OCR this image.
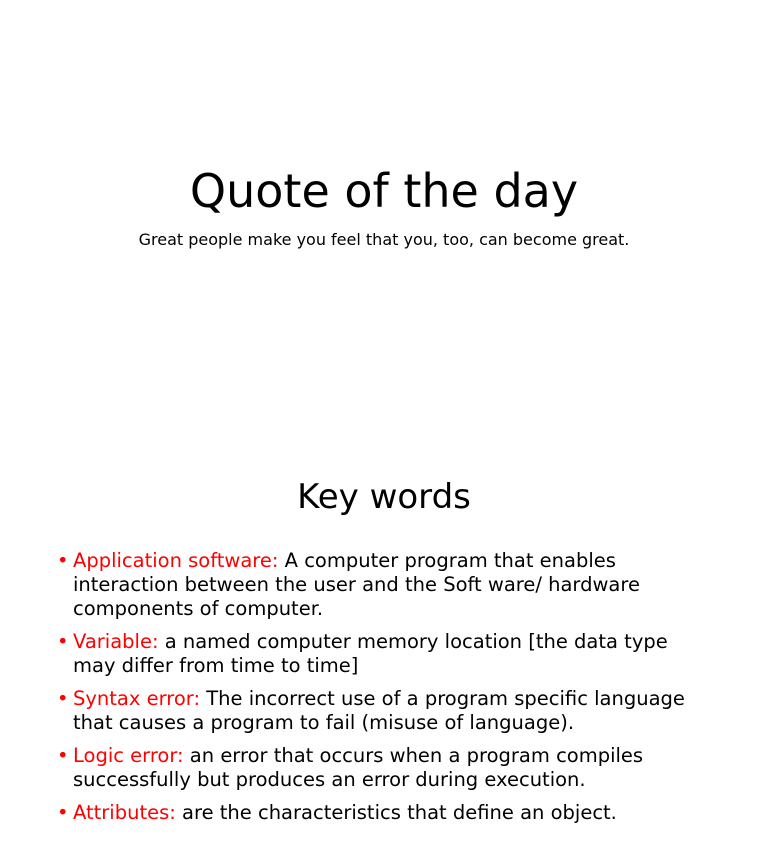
Quote of the day

Great people make you feel that you, too, can become great.

Key words
• Application software: A computer program that enables interaction between the user and the Soft ware/ hardware components of computer.
• Variable: a named computer memory location [the data type may differ from time to time]
• Syntax error: The incorrect use of a program specific language that causes a program to fail (misuse of language).
• Logic error: an error that occurs when a program compiles successfully but produces an error during execution.
• Attributes: are the characteristics that define an object.
